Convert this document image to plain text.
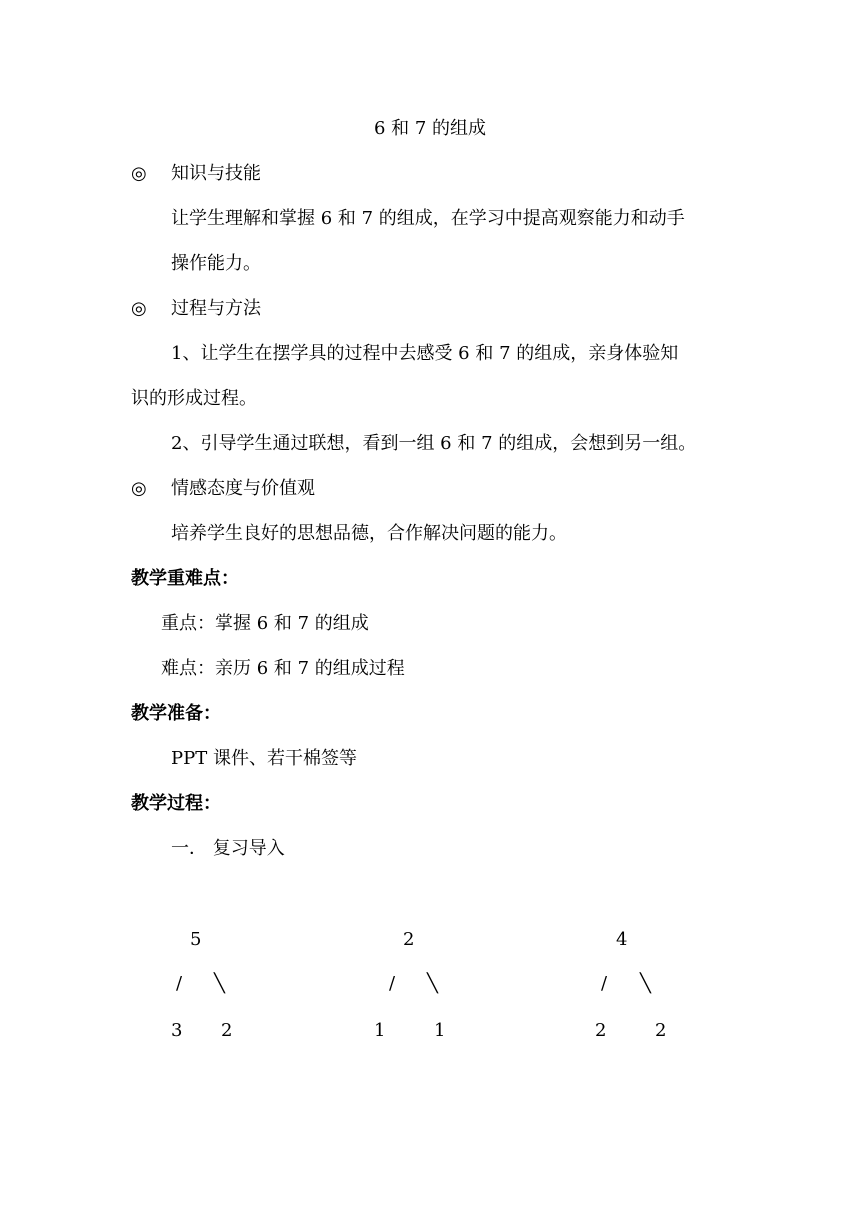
6 和 7 的组成
◎ 知识与技能
让学生理解和掌握 6 和 7 的组成，在学习中提高观察能力和动手
操作能力。
◎ 过程与方法
1、让学生在摆学具的过程中去感受 6 和 7 的组成，亲身体验知
识的形成过程。
2、引导学生通过联想，看到一组 6 和 7 的组成，会想到另一组。
◎ 情感态度与价值观
培养学生良好的思想品德，合作解决问题的能力。
教学重难点：
重点：掌握 6 和 7 的组成
难点：亲历 6 和 7 的组成过程
教学准备：
PPT 课件、若干棉签等
教学过程：
一． 复习导入
5
/ ╲
3 2
2
/ ╲
1	1
4
/ ╲
2	2
